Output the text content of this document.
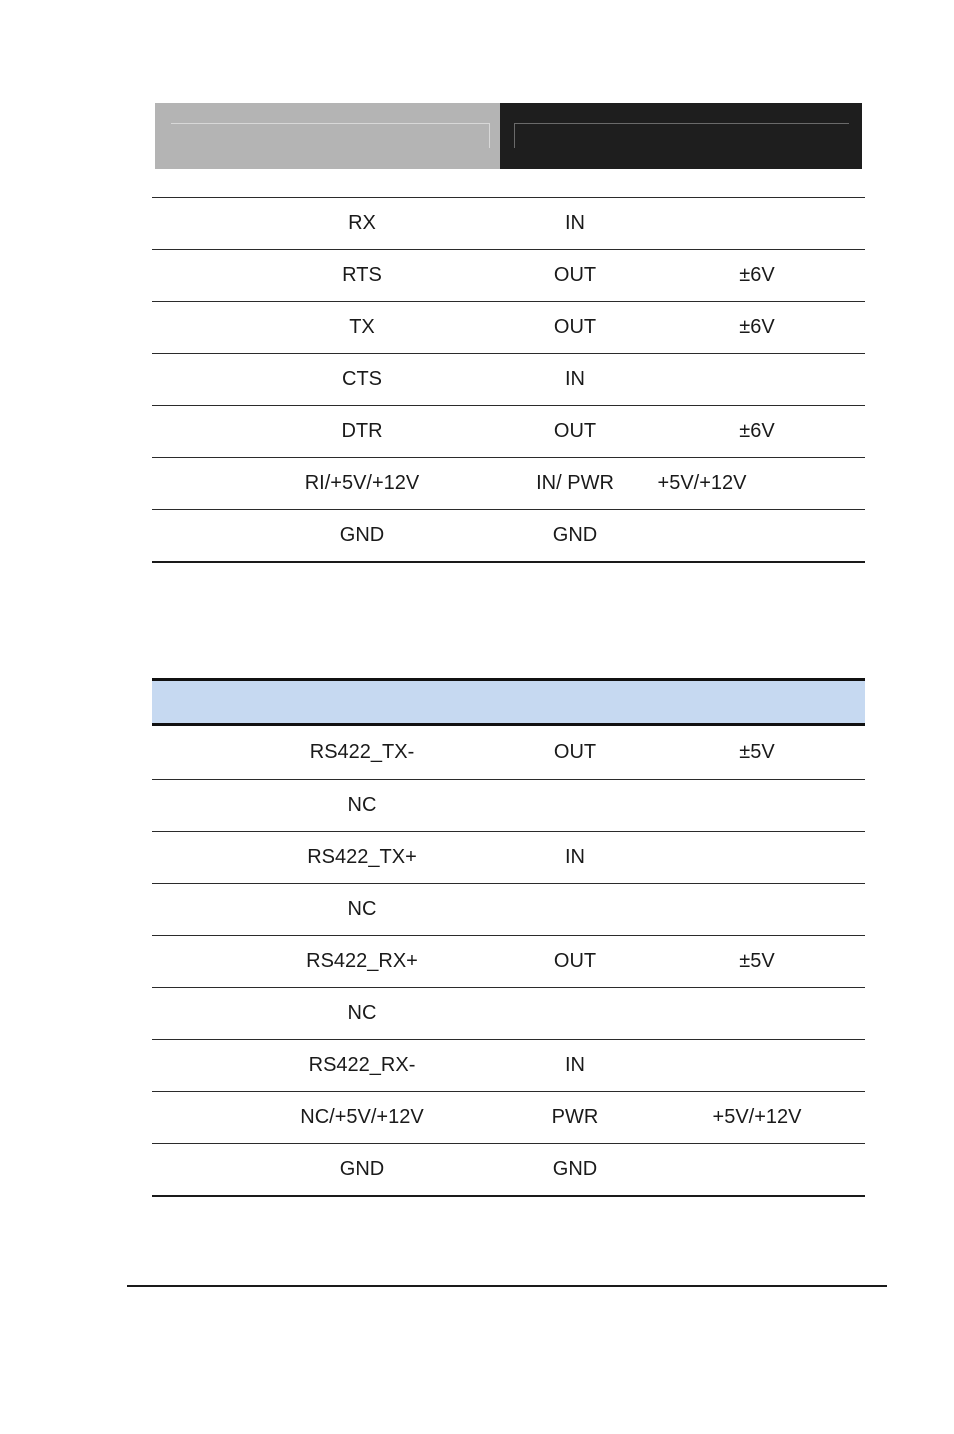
RX	IN
RTS	OUT	±6V
TX	OUT	±6V
CTS	IN
DTR	OUT	±6V
RI/+5V/+12V	IN/ PWR	+5V/+12V
GND	GND
RS422_TX-	OUT	±5V
NC
RS422_TX+	IN
NC
RS422_RX+	OUT	±5V
NC
RS422_RX-	IN
NC/+5V/+12V	PWR	+5V/+12V
GND	GND
